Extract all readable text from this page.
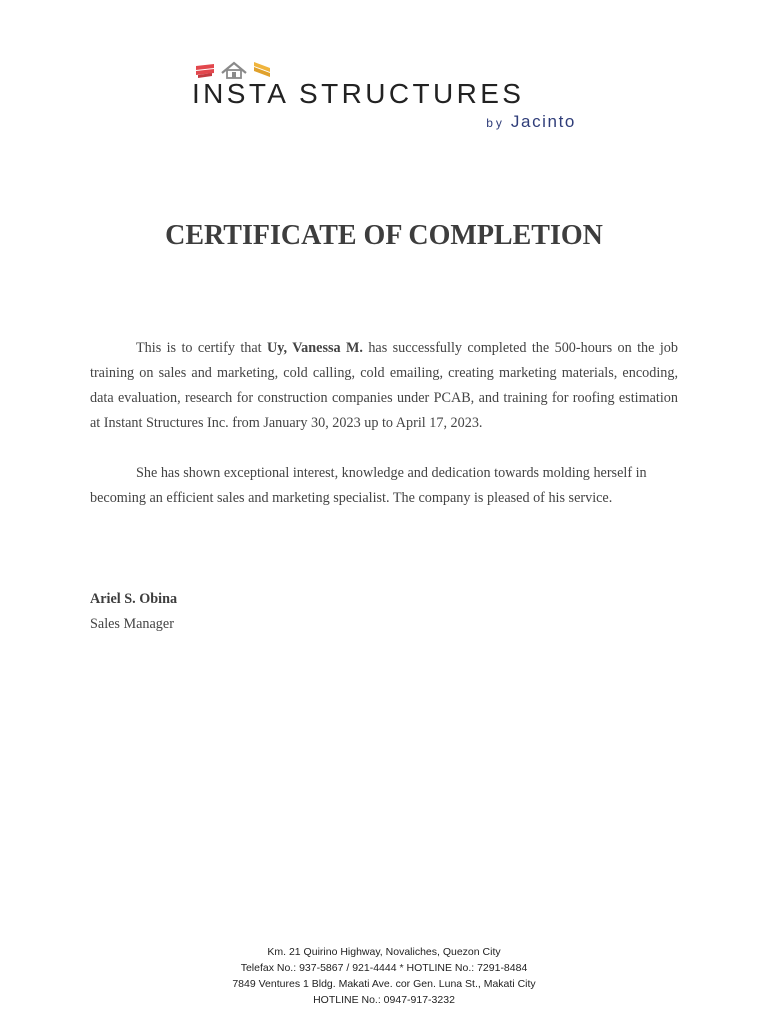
INSTA STRUCTURES
by Jacinto
CERTIFICATE OF COMPLETION

This is to certify that Uy, Vanessa M. has successfully completed the 500-hours on the job training on sales and marketing, cold calling, cold emailing, creating marketing materials, encoding, data evaluation, research for construction companies under PCAB, and training for roofing estimation at Instant Structures Inc. from January 30, 2023 up to April 17, 2023.

She has shown exceptional interest, knowledge and dedication towards molding herself in becoming an efficient sales and marketing specialist. The company is pleased of his service.

Ariel S. Obina
Sales Manager
Km. 21 Quirino Highway, Novaliches, Quezon City
Telefax No.: 937-5867 / 921-4444 * HOTLINE No.: 7291-8484
7849 Ventures 1 Bldg. Makati Ave. cor Gen. Luna St., Makati City
HOTLINE No.: 0947-917-3232
